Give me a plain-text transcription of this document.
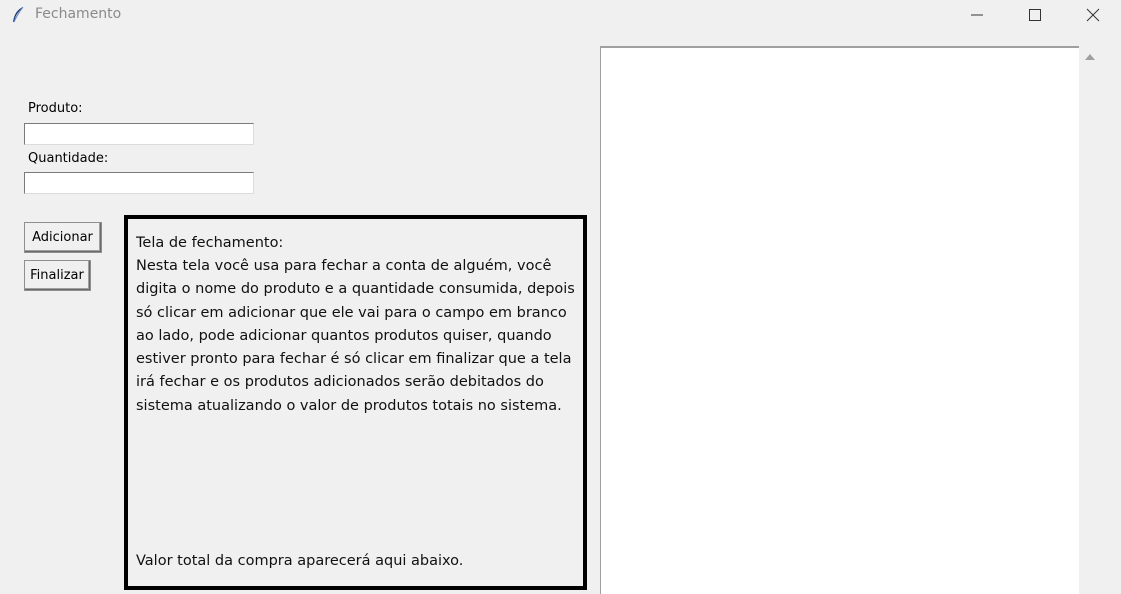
Fechamento
Produto:
Quantidade:
Adicionar
Finalizar

Tela de fechamento:

Nesta tela você usa para fechar a conta de alguém, você digita o nome do produto e a quantidade consumida, depois só clicar em adicionar que ele vai para o campo em branco ao lado, pode adicionar quantos produtos quiser, quando estiver pronto para fechar é só clicar em finalizar que a tela irá fechar e os produtos adicionados serão debitados do sistema atualizando o valor de produtos totais no sistema.

Valor total da compra aparecerá aqui abaixo.
